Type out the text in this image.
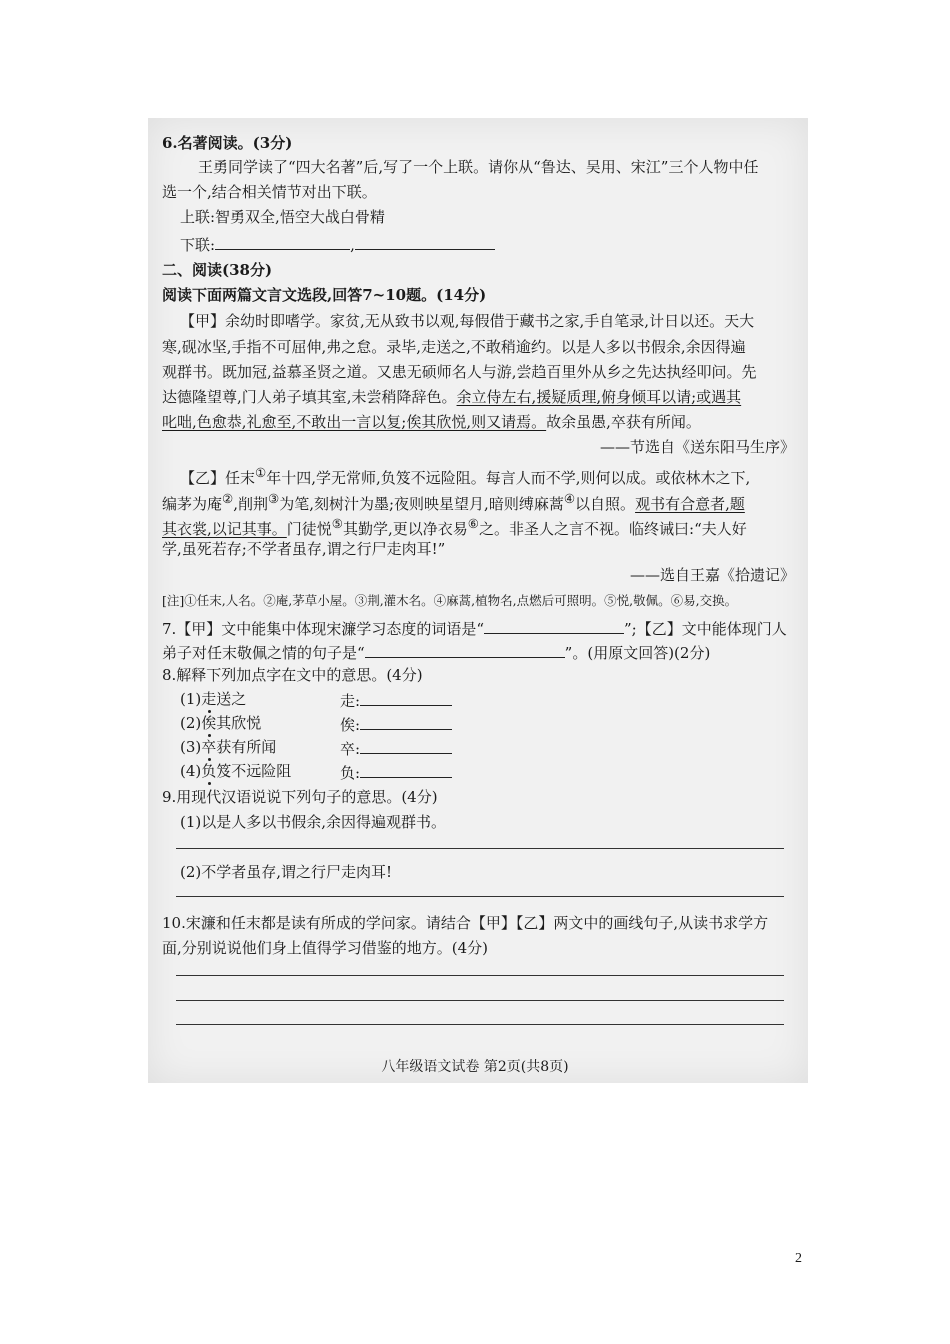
6.名著阅读。(3分)
王勇同学读了“四大名著”后,写了一个上联。请你从“鲁达、吴用、宋江”三个人物中任
选一个,结合相关情节对出下联。
上联:智勇双全,悟空大战白骨精
下联:	,
二、阅读(38分)
阅读下面两篇文言文选段,回答7~10题。(14分)
【甲】余幼时即嗜学。家贫,无从致书以观,每假借于藏书之家,手自笔录,计日以还。天大
寒,砚冰坚,手指不可屈伸,弗之怠。录毕,走送之,不敢稍逾约。以是人多以书假余,余因得遍
观群书。既加冠,益慕圣贤之道。又患无硕师名人与游,尝趋百里外从乡之先达执经叩问。先
达德隆望尊,门人弟子填其室,未尝稍降辞色。余立侍左右,援疑质理,俯身倾耳以请;或遇其
叱咄,色愈恭,礼愈至,不敢出一言以复;俟其欣悦,则又请焉。故余虽愚,卒获有所闻。
——节选自《送东阳马生序》
【乙】任末①年十四,学无常师,负笈不远险阻。每言人而不学,则何以成。或依林木之下,
编茅为庵②,削荆③为笔,刻树汁为墨;夜则映星望月,暗则缚麻蒿④以自照。观书有合意者,题
其衣裳,以记其事。门徒悦⑤其勤学,更以净衣易⑥之。非圣人之言不视。临终诫曰:“夫人好
学,虽死若存;不学者虽存,谓之行尸走肉耳!”
——选自王嘉《拾遗记》
[注]①任末,人名。②庵,茅草小屋。③荆,灌木名。④麻蒿,植物名,点燃后可照明。⑤悦,敬佩。⑥易,交换。
7.【甲】文中能集中体现宋濂学习态度的词语是“	”;【乙】文中能体现门人
弟子对任末敬佩之情的句子是“	”。(用原文回答)(2分)
8.解释下列加点字在文中的意思。(4分)
(1)走送之	走:
(2)俟其欣悦	俟:
(3)卒获有所闻	卒:
(4)负笈不远险阻	负:
9.用现代汉语说说下列句子的意思。(4分)
(1)以是人多以书假余,余因得遍观群书。
(2)不学者虽存,谓之行尸走肉耳!
10.宋濂和任末都是读有所成的学问家。请结合【甲】【乙】两文中的画线句子,从读书求学方
面,分别说说他们身上值得学习借鉴的地方。(4分)
八年级语文试卷 第2页(共8页)
2
